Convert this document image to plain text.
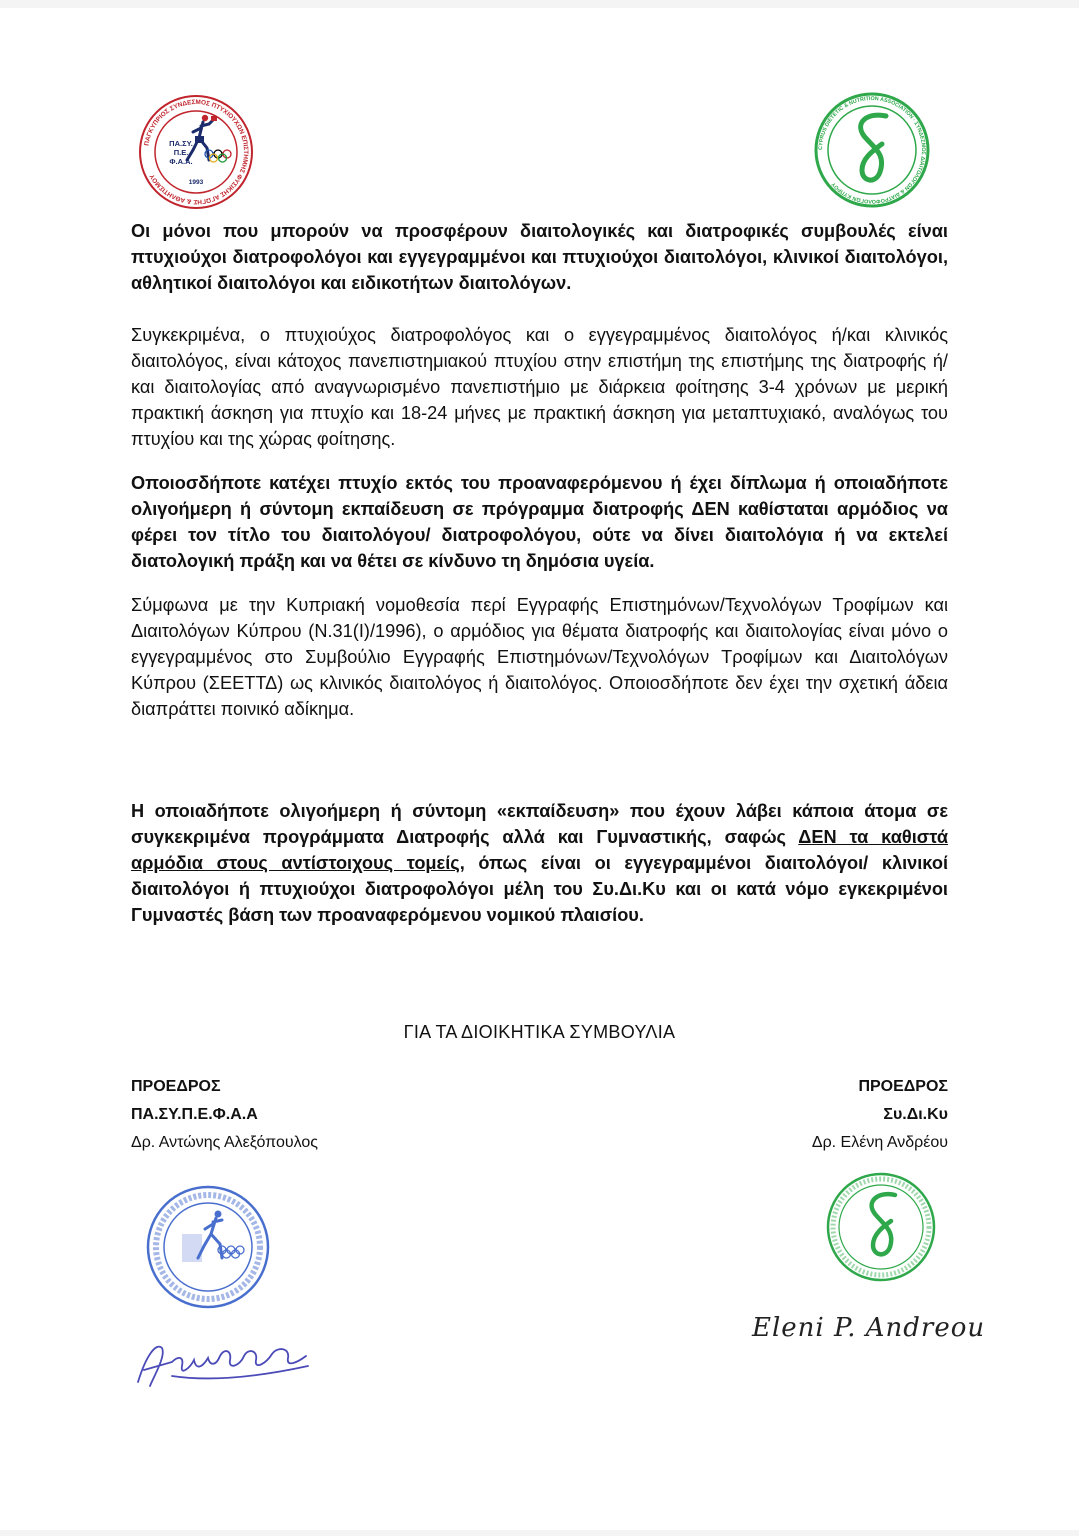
ΠΑΓΚΥΠΡΙΟΣ ΣΥΝΔΕΣΜΟΣ ΠΤΥΧΙΟΥΧΩΝ ΕΠΙΣΤΗΜΗΣ ΦΥΣΙΚΗΣ ΑΓΩΓΗΣ & ΑΘΛΗΤΙΣΜΟΥ
ΠΑ.ΣΥ.
Π.Ε.
Φ.Α.Α.
1993
CYPRUS DIETETIC & NUTRITION ASSOCIATION · ΣΥΝΔΕΣΜΟΣ ΔΙΑΙΤΟΛΟΓΩΝ & ΔΙΑΤΡΟΦΟΛΟΓΩΝ ΚΥΠΡΟΥ

Οι μόνοι που μπορούν να προσφέρουν διαιτολογικές και διατροφικές συμβουλές είναι πτυχιούχοι διατροφολόγοι και εγγεγραμμένοι και πτυχιούχοι διαιτολόγοι, κλινικοί διαιτολόγοι, αθλητικοί διαιτολόγοι και ειδικοτήτων διαιτολόγων.

Συγκεκριμένα, ο πτυχιούχος διατροφολόγος και ο εγγεγραμμένος διαιτολόγος ή/και κλινικός διαιτολόγος, είναι κάτοχος πανεπιστημιακού πτυχίου στην επιστήμη της επιστήμης της διατροφής ή/και διαιτολογίας από αναγνωρισμένο πανεπιστήμιο με διάρκεια φοίτησης 3-4 χρόνων με μερική πρακτική άσκηση για πτυχίο και 18-24 μήνες με πρακτική άσκηση για μεταπτυχιακό, αναλόγως του πτυχίου και της χώρας φοίτησης.

Οποιοσδήποτε κατέχει πτυχίο εκτός του προαναφερόμενου ή έχει δίπλωμα ή οποιαδήποτε ολιγοήμερη ή σύντομη εκπαίδευση σε πρόγραμμα διατροφής ΔΕΝ καθίσταται αρμόδιος να φέρει τον τίτλο του διαιτολόγου/ διατροφολόγου, ούτε να δίνει διαιτολόγια ή να εκτελεί διατολογική πράξη και να θέτει σε κίνδυνο τη δημόσια υγεία.

Σύμφωνα με την Κυπριακή νομοθεσία περί Εγγραφής Επιστημόνων/Τεχνολόγων Τροφίμων και Διαιτολόγων Κύπρου (Ν.31(Ι)/1996), ο αρμόδιος για θέματα διατροφής και διαιτολογίας είναι μόνο ο εγγεγραμμένος στο Συμβούλιο Εγγραφής Επιστημόνων/Τεχνολόγων Τροφίμων και Διαιτολόγων Κύπρου (ΣΕΕΤΤΔ) ως κλινικός διαιτολόγος ή διαιτολόγος. Οποιοσδήποτε δεν έχει την σχετική άδεια διαπράττει ποινικό αδίκημα.

Η οποιαδήποτε ολιγοήμερη ή σύντομη «εκπαίδευση» που έχουν λάβει κάποια άτομα σε συγκεκριμένα προγράμματα Διατροφής αλλά και Γυμναστικής, σαφώς ΔΕΝ τα καθιστά αρμόδια στους αντίστοιχους τομείς, όπως είναι οι εγγεγραμμένοι διαιτολόγοι/ κλινικοί διαιτολόγοι ή πτυχιούχοι διατροφολόγοι μέλη του Συ.Δι.Κυ και οι κατά νόμο εγκεκριμένοι Γυμναστές βάση των προαναφερόμενου νομικού πλαισίου.

ΓΙΑ ΤΑ ΔΙΟΙΚΗΤΙΚΑ ΣΥΜΒΟΥΛΙΑ

ΠΡΟΕΔΡΟΣ
ΠΑ.ΣΥ.Π.Ε.Φ.Α.Α
Δρ. Αντώνης Αλεξόπουλος
ΠΡΟΕΔΡΟΣ
Συ.Δι.Κυ
Δρ. Ελένη Ανδρέου
Eleni P. Andreou
